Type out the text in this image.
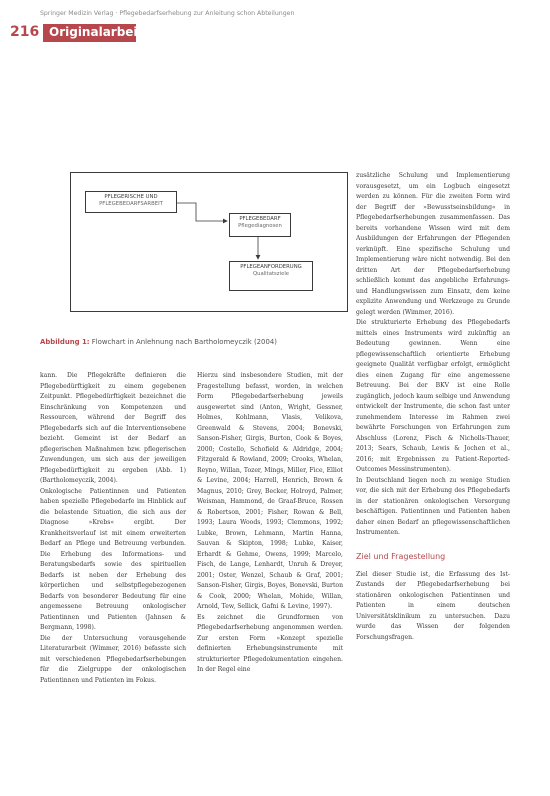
Springer Medizin Verlag · Pflegebedarfserhebung zur Anleitung schon Abteilungen
216 Originalarbeit
PFLEGERISCHE UND
PFLEGEBEDARFSARBEIT
PFLEGEBEDARF
Pflegediagnosen
PFLEGEANFORDERUNG
Qualitatsziele
Abbildung 1: Flowchart in Anlehnung nach Bartholomeyczik (2004)

kann. Die Pflegekräfte definieren die Pflegebedürftigkeit zu einem gegebenen Zeitpunkt. Pflegebedürftigkeit bezeichnet die Einschränkung von Kompetenzen und Ressourcen, während der Begriff des Pflegebedarfs sich auf die Interventionsebene bezieht. Gemeint ist der Bedarf an pflegerischen Maßnahmen bzw. pflegerischen Zuwendungen, um sich aus der jeweiligen Pflegebedürftigkeit zu ergeben (Abb. 1) (Bartholomeyczik, 2004).

Onkologische Patientinnen und Patienten haben spezielle Pflegebedarfe im Hinblick auf die belastende Situation, die sich aus der Diagnose »Krebs« ergibt. Der Krankheitsverlauf ist mit einem erweiterten Bedarf an Pflege und Betreuung verbunden. Die Erhebung des Informations- und Beratungsbedarfs sowie des spirituellen Bedarfs ist neben der Erhebung des körperlichen und selbstpflegebezogenen Bedarfs von besonderer Bedeutung für eine angemessene Betreuung onkologischer Patientinnen und Patienten (Jahnsen & Bergmann, 1998).

Die der Untersuchung vorausgehende Literaturarbeit (Wimmer, 2016) befasste sich mit verschiedenen Pflegebedarfserhebungen für die Zielgruppe der onkologischen Patientinnen und Patienten im Fokus.

Hierzu sind insbesondere Studien, mit der Fragestellung befasst, worden, in welchen Form Pflegebedarfserhebung jeweils ausgewertet sind (Anton, Wright, Gessner, Holmes, Kohlmann, Vlasis, Velikova, Greenwald & Stevens, 2004; Bonevski, Sanson-Fisher, Girgis, Burton, Cook & Boyes, 2000; Costello, Schofield & Aldridge, 2004; Fitzgerald & Rowland, 2009; Crooks, Whelan, Reyno, Willan, Tozer, Mings, Miller, Fice, Elliot & Levine, 2004; Harrell, Henrich, Brown & Magnus, 2010; Grey, Becker, Holroyd, Palmer, Weisman, Hammond, de Graaf-Bruce, Rossen & Robertson, 2001; Fisher, Rowan & Bell, 1993; Laura Woods, 1993; Clemmons, 1992; Lubke, Brown, Lehmann, Martin Hanna, Sauvan & Skipton, 1998; Lubke, Kaiser, Erhardt & Gehme, Owens, 1999; Marcelo, Fisch, de Lange, Lenhardt, Unruh & Dreyer, 2001; Oster, Wenzel, Schaub & Graf, 2001; Sanson-Fisher, Girgis, Boyes, Bonevski, Burton & Cook, 2000; Whelan, Mohide, Willan, Arnold, Tew, Sellick, Gafni & Levine, 1997).

Es zeichnet die Grundformen von Pflegebedarfserhebung angenommen werden. Zur ersten Form »Konzept spezielle definierten Erhebungsinstrumente mit strukturierter Pflegedokumentation eingehen. In der Regel eine

zusätzliche Schulung und Implementierung vorausgesetzt, um ein Logbuch eingesetzt werden zu können. Für die zweiten Form wird der Begriff der »Bewusstseinsbildung« in Pflegebedarfserhebungen zusammenfassen. Das bereits vorhandene Wissen wird mit dem Ausbildungen der Erfahrungen der Pflegenden verknüpft. Eine spezifische Schulung und Implementierung wäre nicht notwendig. Bei den dritten Art der Pflegebedarfserhebung schließlich kommt das angebliche Erfahrungs- und Handlungswissen zum Einsatz, dem keine explizite Anwendung und Werkzeuge zu Grunde gelegt werden (Wimmer, 2016).

Die strukturierte Erhebung des Pflegebedarfs mittels eines Instruments wird zukünftig an Bedeutung gewinnen. Wenn eine pflegewissenschaftlich orientierte Erhebung geeignete Qualität verfügbar erfolgt, ermöglicht dies einen Zugang für eine angemessene Betreuung. Bei der BKV ist eine Rolle zugänglich, jedoch kaum selbige und Anwendung entwickelt der Instrumente, die schon fast unter zunehmendem Interesse im Rahmen zwei bewährte Forschungen von Erfahrungen zum Abschluss (Lorenz, Fisch & Nicholls-Thauer, 2013; Sears, Schaub, Lewis & Jochen et al., 2016; mit Ergebnissen zu Patient-Reported-Outcomes Messinstrumenten).

In Deutschland liegen noch zu wenige Studien vor, die sich mit der Erhebung des Pflegebedarfs in der stationären onkologischen Versorgung beschäftigen. Patientinnen und Patienten haben daher einen Bedarf an pflegewissenschaftlichen Instrumenten.

Ziel und Fragestellung

Ziel dieser Studie ist, die Erfassung des Ist-Zustands der Pflegebedarfserhebung bei stationären onkologischen Patientinnen und Patienten in einem deutschen Universitätsklinikum zu untersuchen. Dazu wurde das Wissen der folgenden Forschungsfragen.
